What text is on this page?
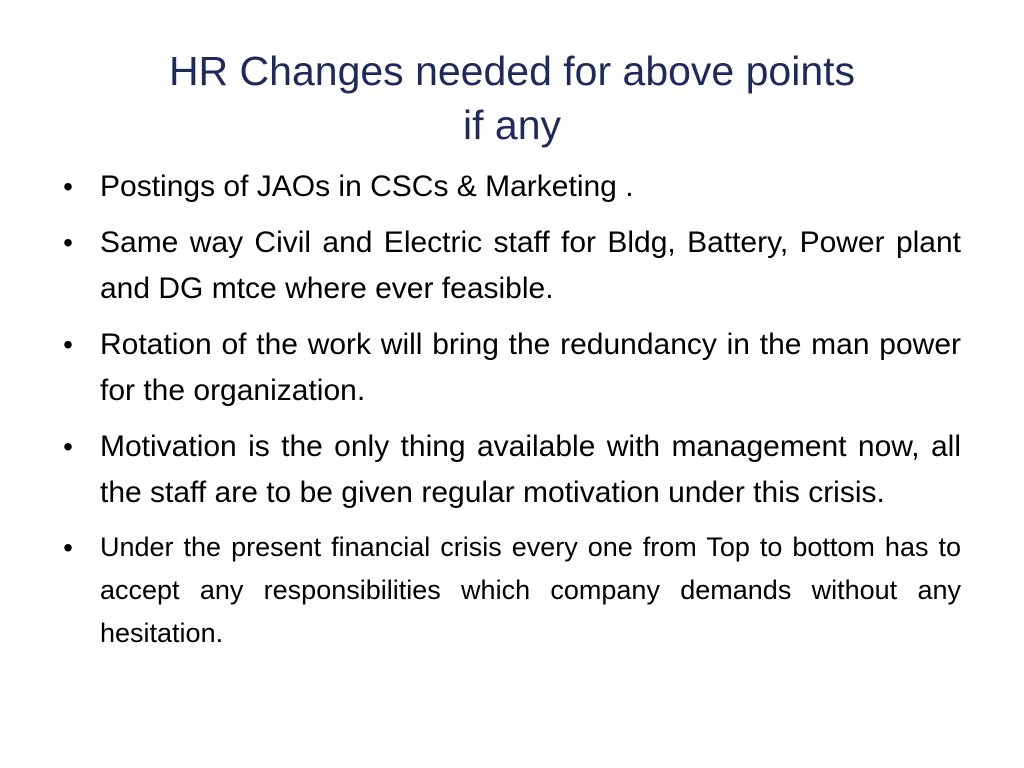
HR Changes needed for above points
if any
• Postings of JAOs in CSCs & Marketing .
• Same way Civil and Electric staff for Bldg, Battery, Power plant and DG mtce where ever feasible.
• Rotation of the work will bring the redundancy in the man power for the organization.
• Motivation is the only thing available with management now, all the staff are to be given regular motivation under this crisis.
• Under the present financial crisis every one from Top to bottom has to accept any responsibilities which company demands without any hesitation.
